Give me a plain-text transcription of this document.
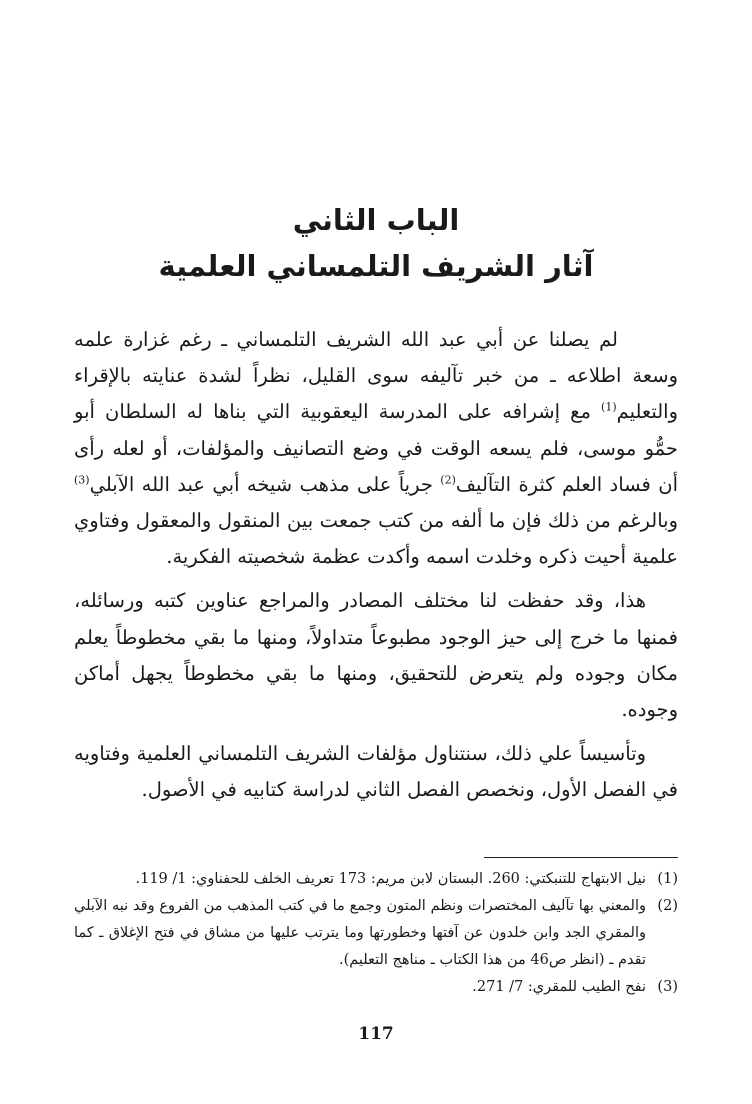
الباب الثاني
آثار الشريف التلمساني العلمية

لم يصلنا عن أبي عبد الله الشريف التلمساني ـ رغم غزارة علمه وسعة اطلاعه ـ من خبر تآليفه سوى القليل، نظراً لشدة عنايته بالإقراء والتعليم$^{(1)}$ مع إشرافه على المدرسة اليعقوبية التي بناها له السلطان أبو حمُّو موسى، فلم يسعه الوقت في وضع التصانيف والمؤلفات، أو لعله رأى أن فساد العلم كثرة التآليف$^{(2)}$ جرياً على مذهب شيخه أبي عبد الله الآبلي$^{(3)}$ وبالرغم من ذلك فإن ما ألفه من كتب جمعت بين المنقول والمعقول وفتاوي علمية أحيت ذكره وخلدت اسمه وأكدت عظمة شخصيته الفكرية.

هذا، وقد حفظت لنا مختلف المصادر والمراجع عناوين كتبه ورسائله، فمنها ما خرج إلى حيز الوجود مطبوعاً متداولاً، ومنها ما بقي مخطوطاً يعلم مكان وجوده ولم يتعرض للتحقيق، ومنها ما بقي مخطوطاً يجهل أماكن وجوده.

وتأسيساً علي ذلك، سنتناول مؤلفات الشريف التلمساني العلمية وفتاويه في الفصل الأول، ونخصص الفصل الثاني لدراسة كتابيه في الأصول.

(1)
نيل الابتهاج للتنبكتي: 260. البستان لابن مريم: 173 تعريف الخلف للحفناوي: 1/ 119.
(2)
والمعني بها تآليف المختصرات ونظم المتون وجمع ما في كتب المذهب من الفروع وقد نبه الآبلي والمقري الجد وابن خلدون عن آفتها وخطورتها وما يترتب عليها من مشاق في فتح الإغلاق ـ كما تقدم ـ (انظر ص46 من هذا الكتاب ـ مناهج التعليم).
(3)
نفح الطيب للمقري: 7/ 271.
117
